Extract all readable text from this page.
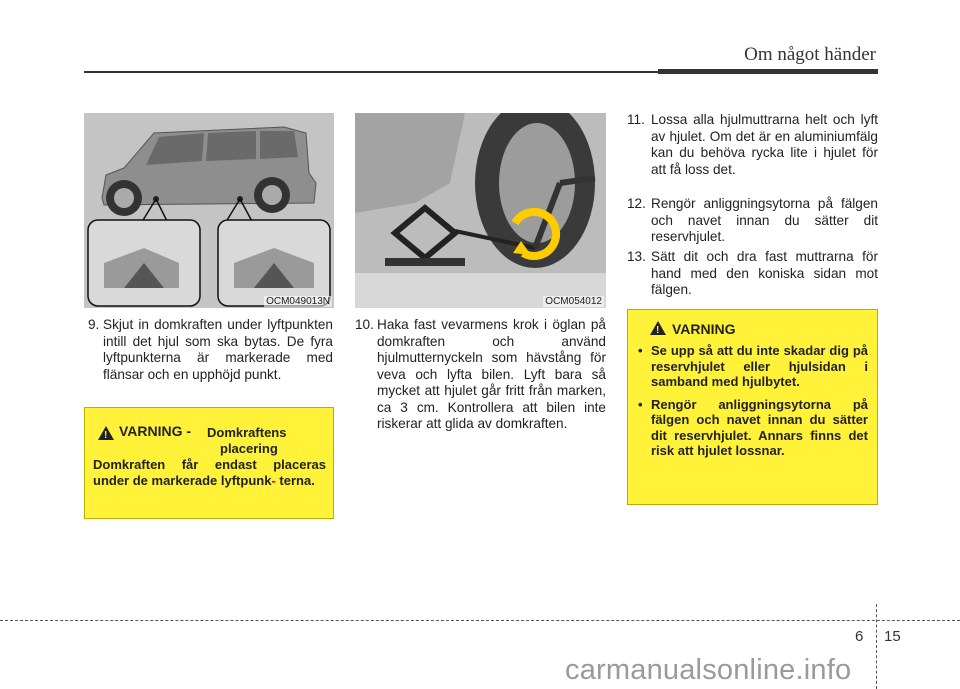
Om något händer
OCM049013N	OCM054012
9. Skjut in domkraften under lyftpunkten intill det hjul som ska bytas. De fyra lyftpunkterna är markerade med flänsar och en upphöjd punkt.
10. Haka fast vevarmens krok i öglan på domkraften och använd hjulmutternyckeln som hävstång för veva och lyfta bilen. Lyft bara så mycket att hjulet går fritt från marken, ca 3 cm. Kontrollera att bilen inte riskerar att glida av domkraften.
11. Lossa alla hjulmuttrarna helt och lyft av hjulet. Om det är en aluminiumfälg kan du behöva rycka lite i hjulet för att få loss det.
12. Rengör anliggningsytorna på fälgen och navet innan du sätter dit reservhjulet.
13. Sätt dit och dra fast muttrarna för hand med den koniska sidan mot fälgen.
!
VARNING - Domkraftens
placering
Domkraften får endast placeras under de markerade lyftpunk- terna.
!VARNING
• Se upp så att du inte skadar dig på reservhjulet eller hjulsidan i samband med hjulbytet.
• Rengör anliggningsytorna på fälgen och navet innan du sätter dit reservhjulet. Annars finns det risk att hjulet lossnar.
6 15
carmanualsonline.info
